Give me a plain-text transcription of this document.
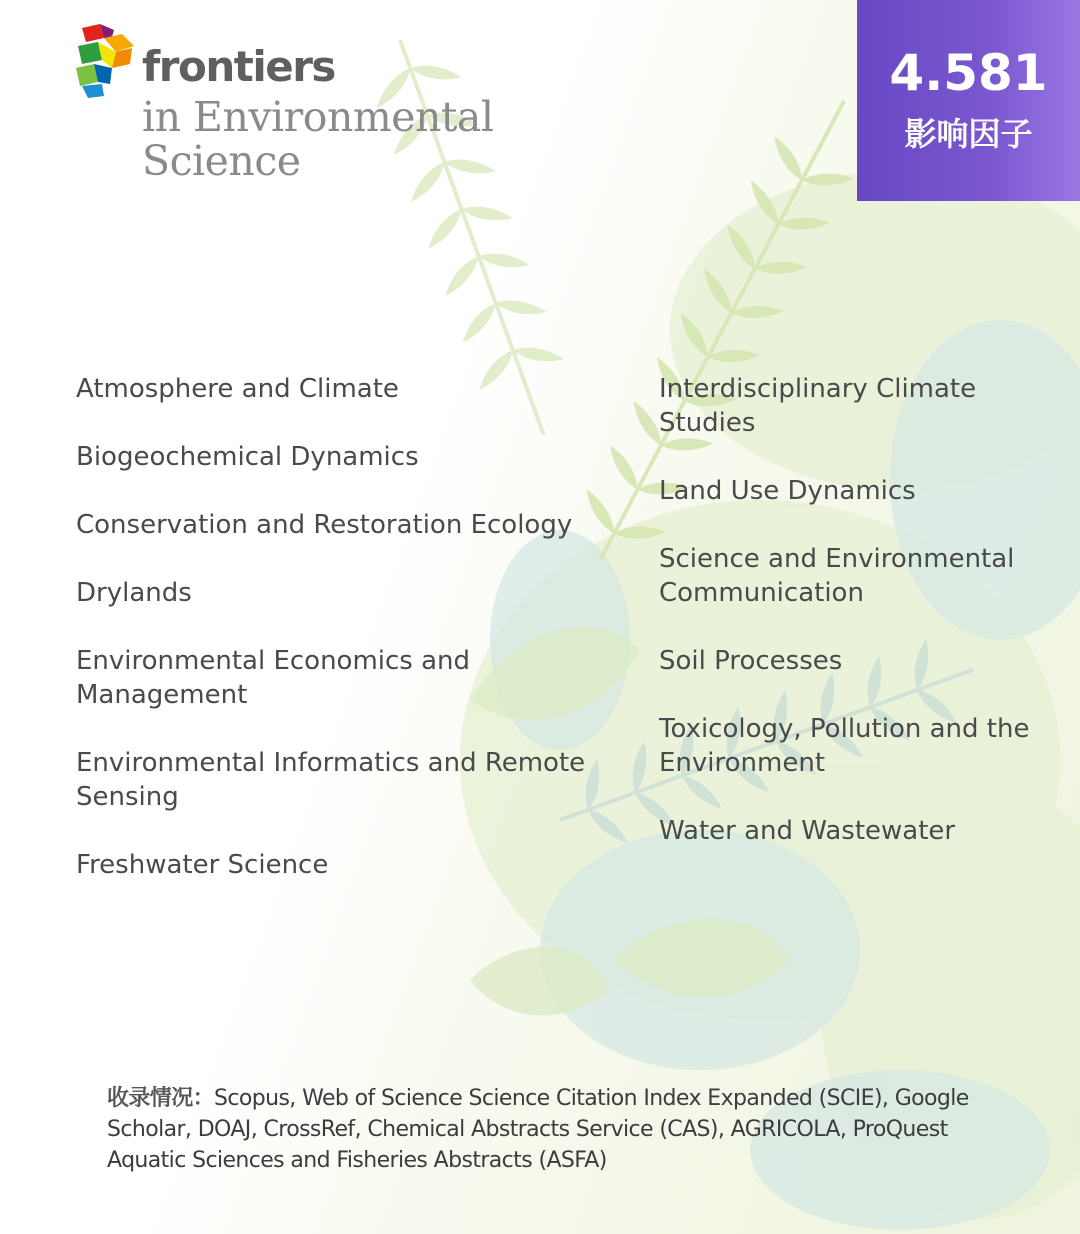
frontiers
in Environmental
Science
4.581
影响因子
Atmosphere and Climate
Biogeochemical Dynamics
Conservation and Restoration Ecology
Drylands
Environmental Economics and Management
Environmental Informatics and Remote Sensing
Freshwater Science
Interdisciplinary Climate Studies
Land Use Dynamics
Science and Environmental Communication
Soil Processes
Toxicology, Pollution and the Environment
Water and Wastewater
收录情况：Scopus, Web of Science Science Citation Index Expanded (SCIE), Google Scholar, DOAJ, CrossRef, Chemical Abstracts Service (CAS), AGRICOLA, ProQuest Aquatic Sciences and Fisheries Abstracts (ASFA)
